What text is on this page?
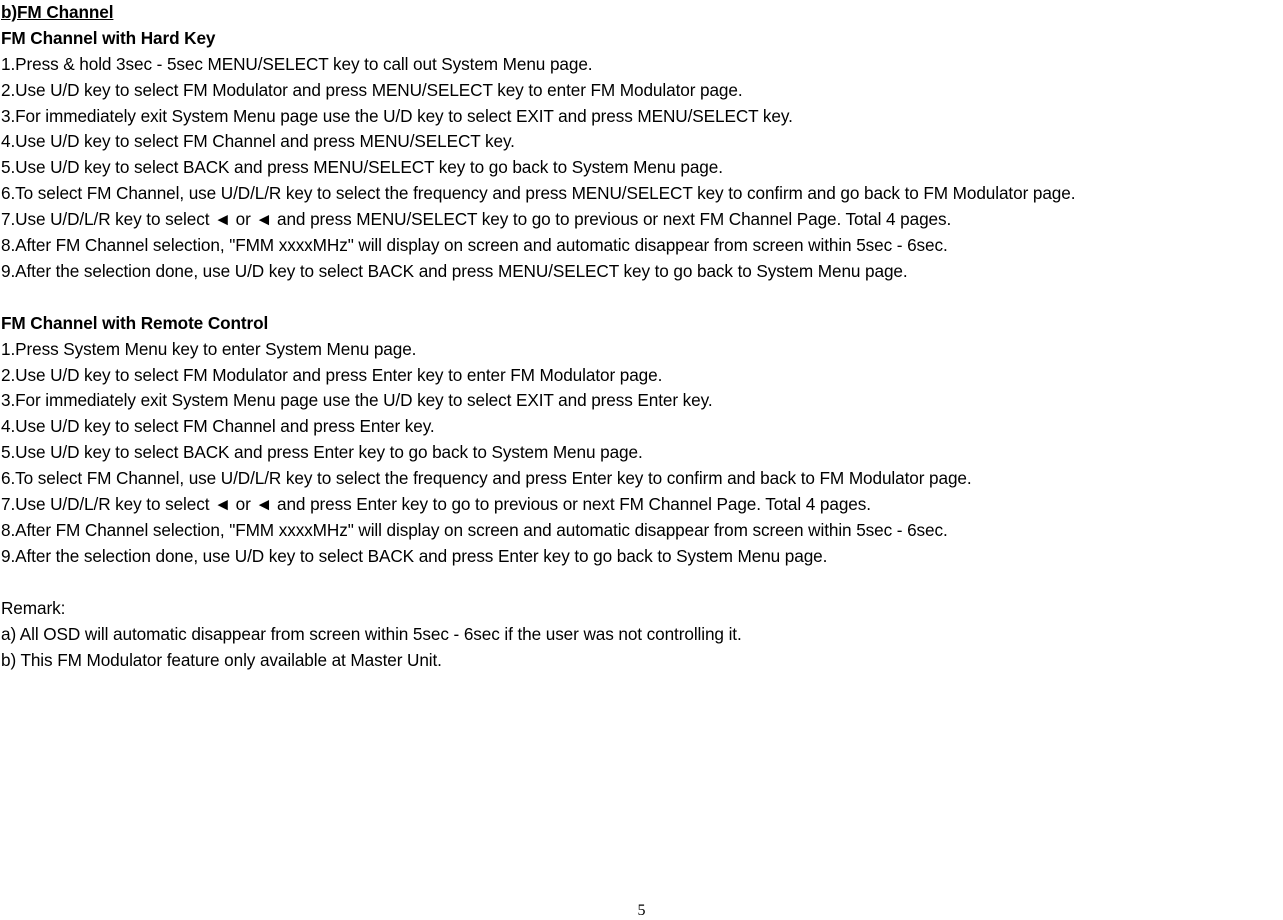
b)FM Channel
FM Channel with Hard Key
1. Press & hold 3sec - 5sec MENU/SELECT key to call out System Menu page.
2. Use U/D key to select FM Modulator and press MENU/SELECT key to enter FM Modulator page.
3. For immediately exit System Menu page use the U/D key to select EXIT and press MENU/SELECT key.
4. Use U/D key to select FM Channel and press MENU/SELECT key.
5. Use U/D key to select BACK and press MENU/SELECT key to go back to System Menu page.
6. To select FM Channel, use U/D/L/R key to select the frequency and press MENU/SELECT key to confirm and go back to FM Modulator page.
7. Use U/D/L/R key to select ◄ or ◄ and press MENU/SELECT key to go to previous or next FM Channel Page. Total 4 pages.
8. After FM Channel selection, "FMM xxxxMHz" will display on screen and automatic disappear from screen within 5sec - 6sec.
9. After the selection done, use U/D key to select BACK and press MENU/SELECT key to go back to System Menu page.
FM Channel with Remote Control
1. Press System Menu key to enter System Menu page.
2. Use U/D key to select FM Modulator and press Enter key to enter FM Modulator page.
3. For immediately exit System Menu page use the U/D key to select EXIT and press Enter key.
4. Use U/D key to select FM Channel and press Enter key.
5. Use U/D key to select BACK and press Enter key to go back to System Menu page.
6. To select FM Channel, use U/D/L/R key to select the frequency and press Enter key to confirm and back to FM Modulator page.
7. Use U/D/L/R key to select ◄ or ◄ and press Enter key to go to previous or next FM Channel Page. Total 4 pages.
8. After FM Channel selection, "FMM xxxxMHz" will display on screen and automatic disappear from screen within 5sec - 6sec.
9. After the selection done, use U/D key to select BACK and press Enter key to go back to System Menu page.
Remark:
a) All OSD will automatic disappear from screen within 5sec - 6sec if the user was not controlling it.
b) This FM Modulator feature only available at Master Unit.
5
